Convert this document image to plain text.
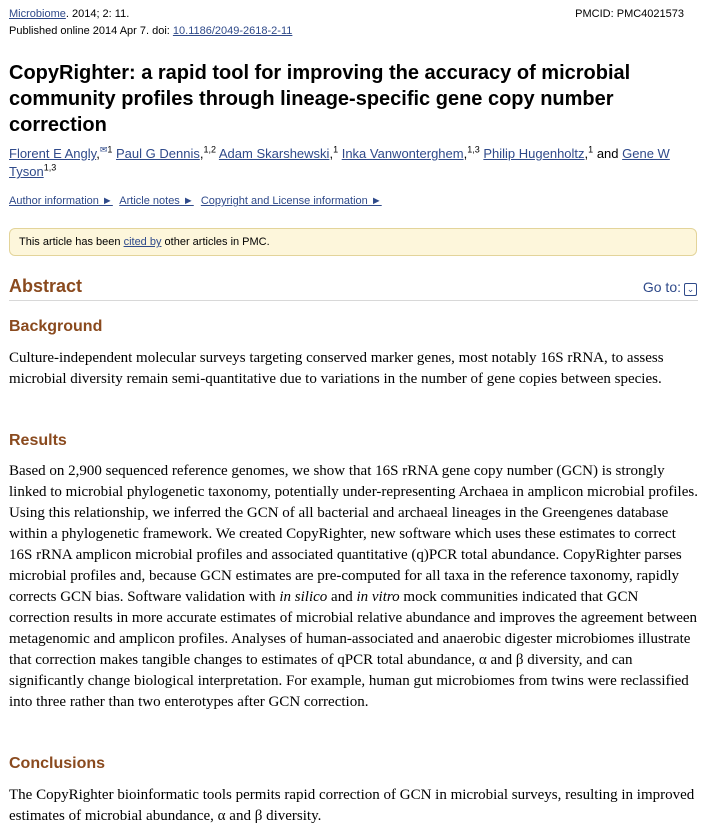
Microbiome. 2014; 2: 11.
Published online 2014 Apr 7. doi: 10.1186/2049-2618-2-11
PMCID: PMC4021573
CopyRighter: a rapid tool for improving the accuracy of microbial community profiles through lineage-specific gene copy number correction
Florent E Angly,$^{✉1}$ Paul G Dennis,$^{1,2}$ Adam Skarshewski,$^1$ Inka Vanwonterghem,$^{1,3}$ Philip Hugenholtz,$^1$ and Gene W Tyson$^{1,3}$
Author information ► Article notes ► Copyright and License information ►
This article has been cited by other articles in PMC.
Abstract	Go to: ⌄
Background

Culture-independent molecular surveys targeting conserved marker genes, most notably 16S rRNA, to assess microbial diversity remain semi-quantitative due to variations in the number of gene copies between species.

Results

Based on 2,900 sequenced reference genomes, we show that 16S rRNA gene copy number (GCN) is strongly linked to microbial phylogenetic taxonomy, potentially under-representing Archaea in amplicon microbial profiles. Using this relationship, we inferred the GCN of all bacterial and archaeal lineages in the Greengenes database within a phylogenetic framework. We created CopyRighter, new software which uses these estimates to correct 16S rRNA amplicon microbial profiles and associated quantitative (q)PCR total abundance. CopyRighter parses microbial profiles and, because GCN estimates are pre-computed for all taxa in the reference taxonomy, rapidly corrects GCN bias. Software validation with in silico and in vitro mock communities indicated that GCN correction results in more accurate estimates of microbial relative abundance and improves the agreement between metagenomic and amplicon profiles. Analyses of human-associated and anaerobic digester microbiomes illustrate that correction makes tangible changes to estimates of qPCR total abundance, α and β diversity, and can significantly change biological interpretation. For example, human gut microbiomes from twins were reclassified into three rather than two enterotypes after GCN correction.

Conclusions

The CopyRighter bioinformatic tools permits rapid correction of GCN in microbial surveys, resulting in improved estimates of microbial abundance, α and β diversity.
